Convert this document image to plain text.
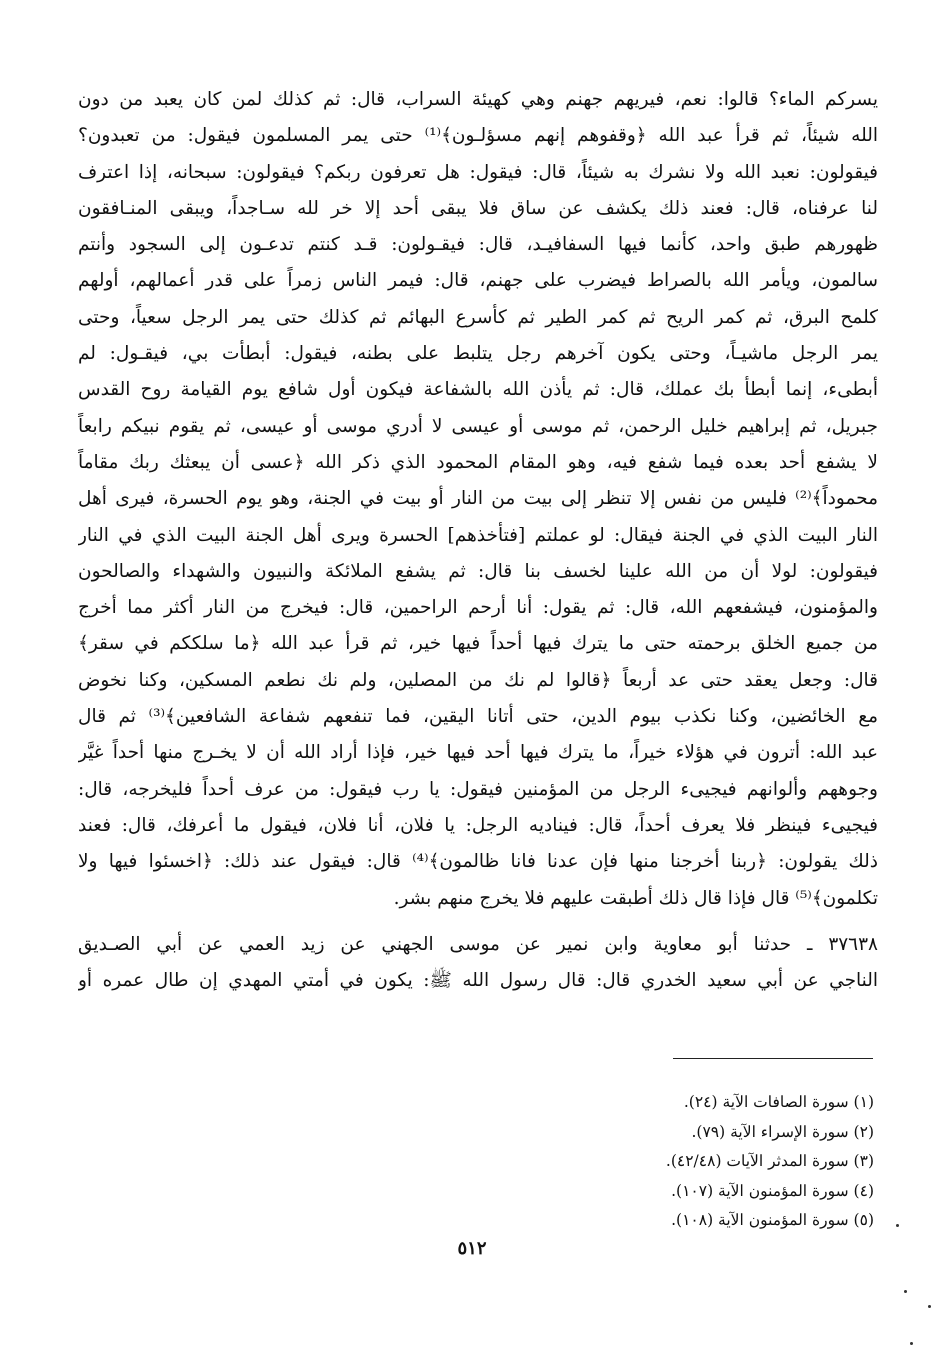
يسركم الماء؟ قالوا: نعم، فيريهم جهنم وهي كهيئة السراب، قال: ثم كذلك لمن كان يعبد من دون
الله شيئاً، ثم قرأ عبد الله ﴿وقفوهم إنهم مسؤلـون﴾⁽¹⁾ حتى يمر المسلمون فيقول: من تعبدون؟
فيقولون: نعبد الله ولا نشرك به شيئاً، قال: فيقول: هل تعرفون ربكم؟ فيقولون: سبحانه، إذا اعترف
لنا عرفناه، قال: فعند ذلك يكشف عن ساق فلا يبقى أحد إلا خر لله سـاجداً، ويبقى المنـافقون
ظهورهم طبق واحد، كأنما فيها السفافيـد، قال: فيقـولون: قـد كنتم تدعـون إلى السجود وأنتم
سالمون، ويأمر الله بالصراط فيضرب على جهنم، قال: فيمر الناس زمراً على قدر أعمالهم، أولهم
كلمح البرق، ثم كمر الريح ثم كمر الطير ثم كأسرع البهائم ثم كذلك حتى يمر الرجل سعياً، وحتى
يمر الرجل ماشيـاً، وحتى يكون آخرهم رجل يتلبط على بطنه، فيقول: أبطأت بي، فيقـول: لم
أبطىء، إنما أبطأ بك عملك، قال: ثم يأذن الله بالشفاعة فيكون أول شافع يوم القيامة روح القدس
جبريل، ثم إبراهيم خليل الرحمن، ثم موسى أو عيسى لا أدري موسى أو عيسى، ثم يقوم نبيكم رابعاً
لا يشفع أحد بعده فيما شفع فيه، وهو المقام المحمود الذي ذكر الله ﴿عسى أن يبعثك ربك مقاماً
محموداً﴾⁽²⁾ فليس من نفس إلا تنظر إلى بيت من النار أو بيت في الجنة، وهو يوم الحسرة، فيرى أهل
النار البيت الذي في الجنة فيقال: لو عملتم [فتأخذهم] الحسرة ويرى أهل الجنة البيت الذي في النار
فيقولون: لولا أن من الله علينا لخسف بنا قال: ثم يشفع الملائكة والنبيون والشهداء والصالحون
والمؤمنون، فيشفعهم الله، قال: ثم يقول: أنا أرحم الراحمين، قال: فيخرج من النار أكثر مما أخرج
من جميع الخلق برحمته حتى ما يترك فيها أحداً فيها خير، ثم قرأ عبد الله ﴿ما سلككم في سقر﴾
قال: وجعل يعقد حتى عد أربعاً ﴿قالوا لم نك من المصلين، ولم نك نطعم المسكين، وكنا نخوض
مع الخائضين، وكنا نكذب بيوم الدين، حتى أتانا اليقين، فما تنفعهم شفاعة الشافعين﴾⁽³⁾ ثم قال
عبد الله: أترون في هؤلاء خيراً، ما يترك فيها أحد فيها خير، فإذا أراد الله أن لا يخـرج منها أحداً غيَّر
وجوههم وألوانهم فيجيىء الرجل من المؤمنين فيقول: يا رب فيقول: من عرف أحداً فليخرجه، قال:
فيجيىء فينظر فلا يعرف أحداً، قال: فيناديه الرجل: يا فلان، أنا فلان، فيقول ما أعرفك، قال: فعند
ذلك يقولون: ﴿ربنا أخرجنا منها فإن عدنا فانا ظالمون﴾⁽⁴⁾ قال: فيقول عند ذلك: ﴿اخسئوا فيها ولا
تكلمون﴾⁽⁵⁾ قال فإذا قال ذلك أطبقت عليهم فلا يخرج منهم بشر.
٣٧٦٣٨ ـ حدثنا أبو معاوية وابن نمير عن موسى الجهني عن زيد العمي عن أبي الصـديق
الناجي عن أبي سعيد الخدري قال: قال رسول الله ﷺ: يكون في أمتي المهدي إن طال عمره أو
(١) سورة الصافات الآية (٢٤).
(٢) سورة الإسراء الآية (٧٩).
(٣) سورة المدثر الآيات (٤٢/٤٨).
(٤) سورة المؤمنون الآية (١٠٧).
(٥) سورة المؤمنون الآية (١٠٨).
٥١٢
